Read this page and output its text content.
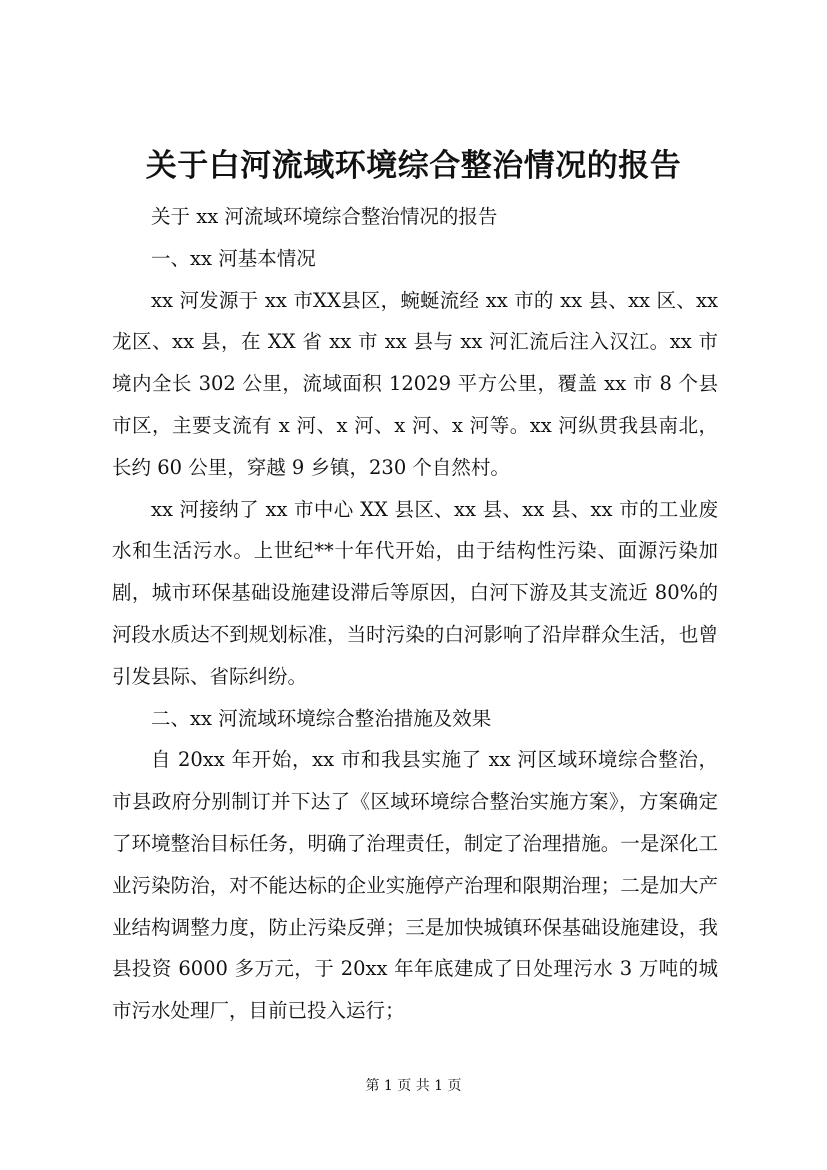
关于白河流域环境综合整治情况的报告

关于 xx 河流域环境综合整治情况的报告

一、xx 河基本情况

xx 河发源于 xx 市XX县区，蜿蜒流经 xx 市的 xx 县、xx 区、xx 龙区、xx 县，在 XX 省 xx 市 xx 县与 xx 河汇流后注入汉江。xx 市境内全长 302 公里，流域面积 12029 平方公里，覆盖 xx 市 8 个县市区，主要支流有 x 河、x 河、x 河、x 河等。xx 河纵贯我县南北，长约 60 公里，穿越 9 乡镇，230 个自然村。

xx 河接纳了 xx 市中心 XX 县区、xx 县、xx 县、xx 市的工业废水和生活污水。上世纪**十年代开始，由于结构性污染、面源污染加剧，城市环保基础设施建设滞后等原因，白河下游及其支流近 80%的河段水质达不到规划标准，当时污染的白河影响了沿岸群众生活，也曾引发县际、省际纠纷。

二、xx 河流域环境综合整治措施及效果

自 20xx 年开始，xx 市和我县实施了 xx 河区域环境综合整治，市县政府分别制订并下达了《区域环境综合整治实施方案》，方案确定了环境整治目标任务，明确了治理责任，制定了治理措施。一是深化工业污染防治，对不能达标的企业实施停产治理和限期治理；二是加大产业结构调整力度，防止污染反弹；三是加快城镇环保基础设施建设，我县投资 6000 多万元，于 20xx 年年底建成了日处理污水 3 万吨的城市污水处理厂，目前已投入运行；

第 1 页 共 1 页
